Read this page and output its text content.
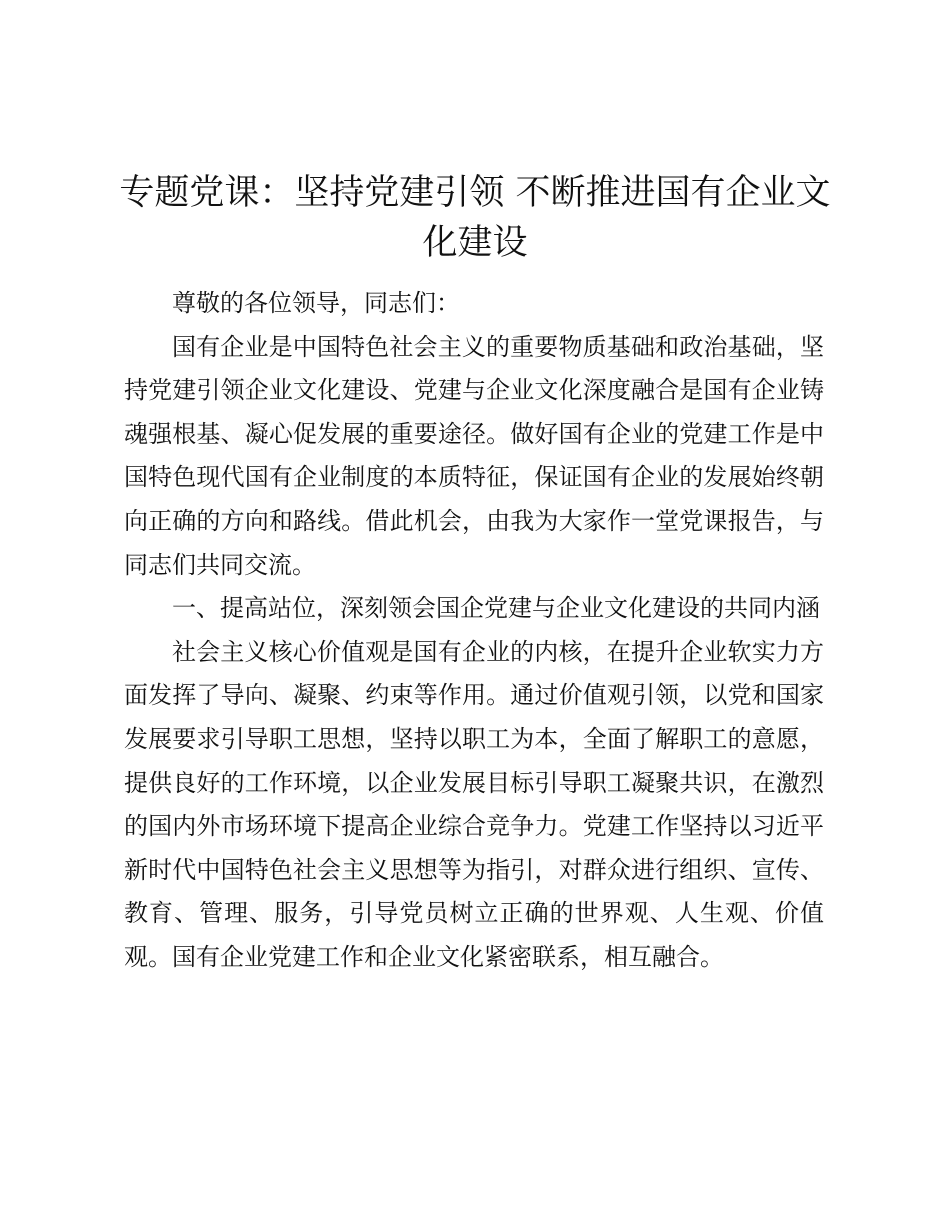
专题党课：坚持党建引领 不断推进国有企业文化建设

尊敬的各位领导，同志们：

国有企业是中国特色社会主义的重要物质基础和政治基础，坚持党建引领企业文化建设、党建与企业文化深度融合是国有企业铸魂强根基、凝心促发展的重要途径。做好国有企业的党建工作是中国特色现代国有企业制度的本质特征，保证国有企业的发展始终朝向正确的方向和路线。借此机会，由我为大家作一堂党课报告，与同志们共同交流。

一、提高站位，深刻领会国企党建与企业文化建设的共同内涵

社会主义核心价值观是国有企业的内核，在提升企业软实力方面发挥了导向、凝聚、约束等作用。通过价值观引领，以党和国家发展要求引导职工思想，坚持以职工为本，全面了解职工的意愿，提供良好的工作环境，以企业发展目标引导职工凝聚共识，在激烈的国内外市场环境下提高企业综合竞争力。党建工作坚持以习近平新时代中国特色社会主义思想等为指引，对群众进行组织、宣传、教育、管理、服务，引导党员树立正确的世界观、人生观、价值观。国有企业党建工作和企业文化紧密联系，相互融合。
